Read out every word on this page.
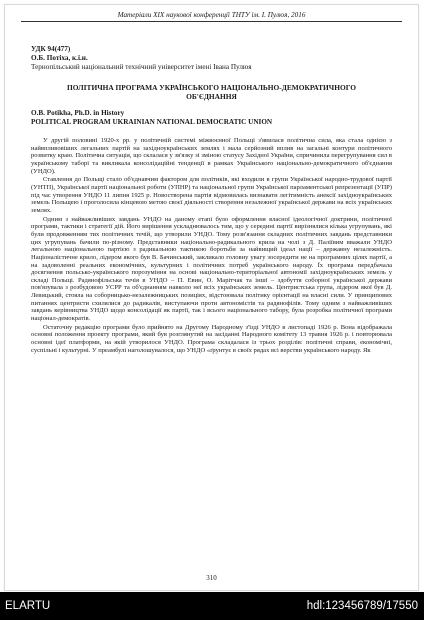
Матеріали ХІХ наукової конференції ТНТУ ім. І. Пулюя, 2016
УДК 94(477)
О.Б. Потіха, к.і.н.
Тернопільський національний технічний університет імені Івана Пулюя
ПОЛІТИЧНА ПРОГРАМА УКРАЇНСЬКОГО НАЦІОНАЛЬНО-ДЕМОКРАТИЧНОГО ОБ'ЄДНАННЯ
O.B. Potikha, Ph.D. in History
POLITICAL PROGRAM UKRAINIAN NATIONAL DEMOCRATIC UNION

У другій половині 1920-х рр. у політичній системі міжвоєнної Польщі з'явилася політична сила, яка стала однією з найвпливовіших легальних партій на західноукраїнських землях і мала серйозний вплив на загальні контури політичного розвитку краю. Політична ситуація, що склалася у зв'язку зі зміною статусу Західної України, спричинила перегрупування сил в українському таборі та викликала консолідаційні тенденції в рамках Українського національно-демократичного об'єднання (УНДО).

Ставлення до Польщі стало об'єднавчим фактором для політиків, які входили в групи Української народно-трудової партії (УНТП), Української партії національної роботи (УПНР) та національної групи Української парламентської репрезентації (УПР) під час утворення УНДО 11 липня 1925 р. Новостворена партія відмовилась визнавати легітимність анексії західноукраїнських земель Польщею і проголосила кінцевою метою своєї діяльності створення незалежної української держави на всіх українських землях.

Одним з найважливіших завдань УНДО на даному етапі було оформлення власної ідеологічної доктрини, політичної програми, тактики і стратегії дій. Його вирішення ускладнювалось тим, що у середині партії вирізнялися кілька угрупувань, які були продовженням тих політичних течій, що утворили УНДО. Тому розв'язання складних політичних завдань представники цих угрупувань бачили по-різному. Представники національно-радикального крила на чолі з Д. Паліївим вважали УНДО легальною національною партією з радикальною тактикою боротьби за найвищий ідеал нації – державну незалежність. Націоналістичне крило, лідером якого був В. Бачинський, закликало головну увагу зосередити не на програмних цілях партії, а на задоволенні реальних економічних, культурних і політичних потреб українського народу. Їх програма передбачала досягнення польсько-українського порозуміння на основі національно-територіальної автономії західноукраїнських земель у складі Польщі. Радянофільська течія в УНДО – П. Евин, О. Марітчак та інші – здобуття соборної української держави пов'язувала з розбудовою УСРР та об'єднанням навколо неї всіх українських земель. Центристська група, лідером якої був Д. Левицький, стояла на соборницько-незалежницьких позиціях, відстоювала політику орієнтації на власні сили. У принципових питаннях центристи схилялися до радикалів, виступаючи проти автономістів та радянофілів. Тому одним з найважливіших завдань керівництва УНДО щодо консолідації як партії, так і всього національного табору, була розробка політичної програми націонал-демократів.

Остаточну редакцію програми було прийнято на Другому Народному з'їзді УНДО в листопаді 1926 р. Вона відображала основні положення проекту програми, який був розглянутий на засіданні Народного комітету 13 травня 1926 р. і повторювала основні ідеї платформи, на якій утворилося УНДО. Програма складалася із трьох розділів: політичні справи, економічні, суспільні і культурні. У преамбулі наголошувалося, що УНДО «ґрунтує в своїх рядах всі верстви українського народу. Як

310
ELARTU	hdl:123456789/17550
